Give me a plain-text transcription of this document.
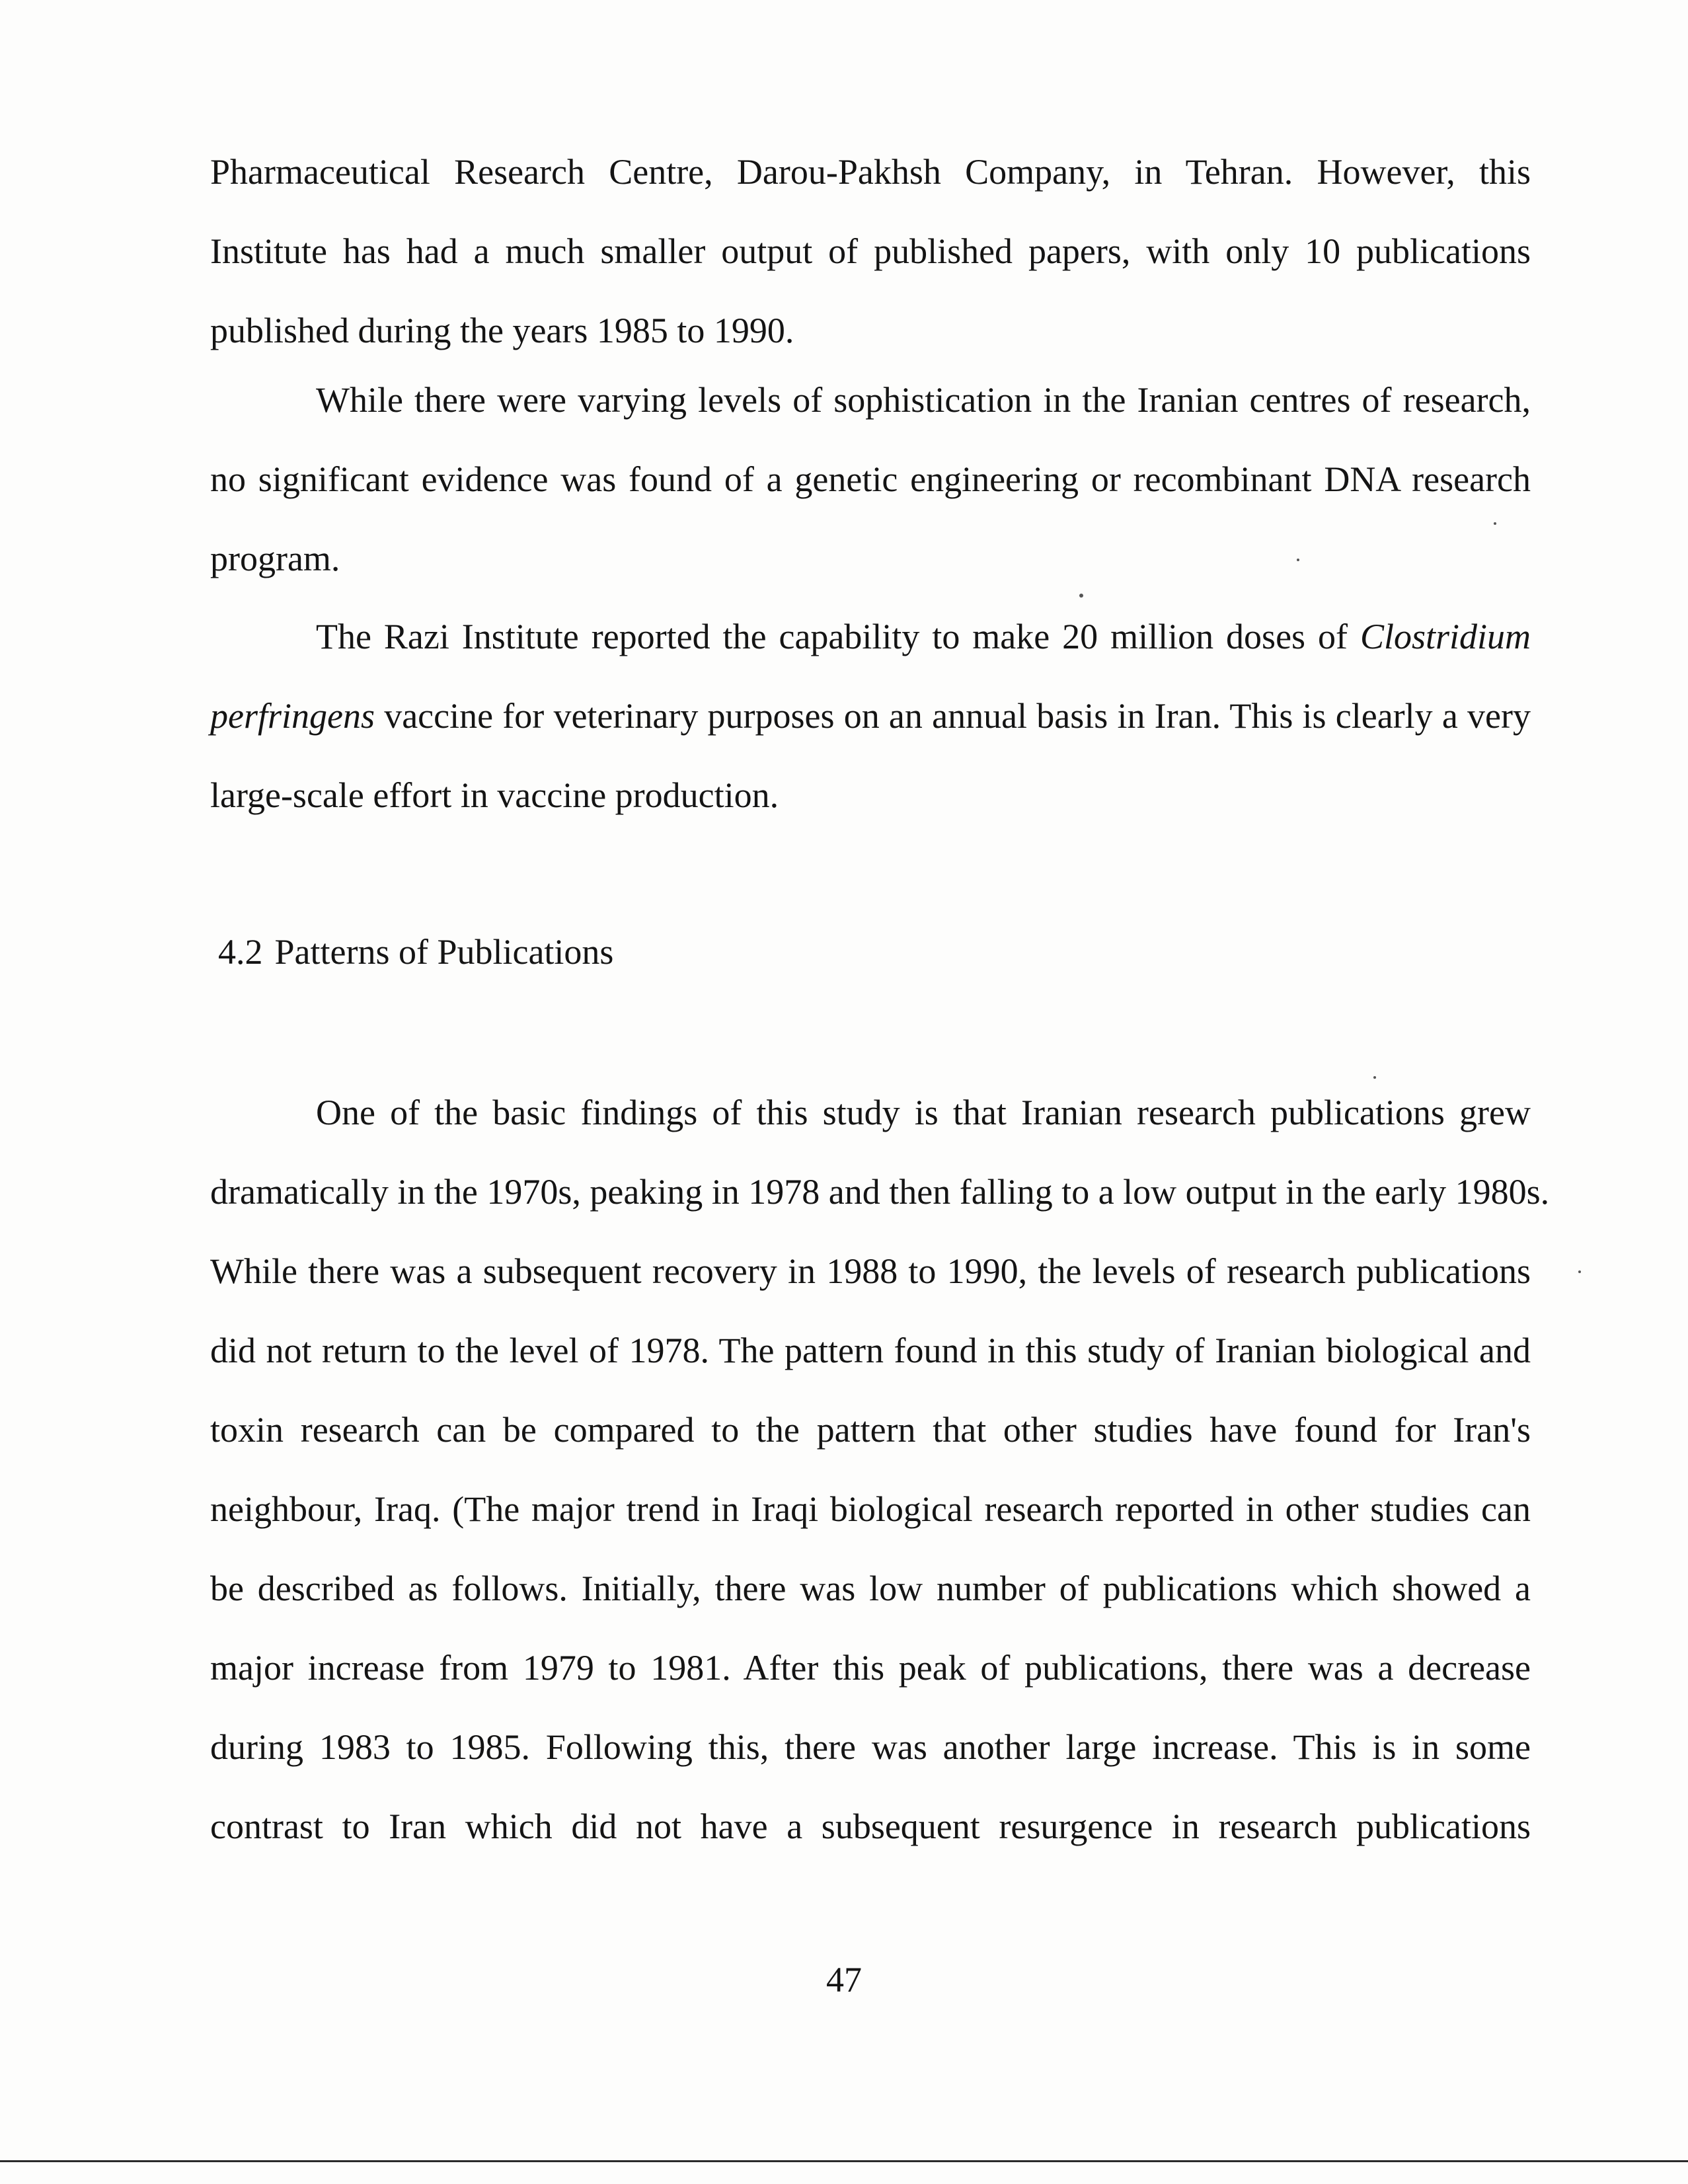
Pharmaceutical Research Centre, Darou-Pakhsh Company, in Tehran. However, this
Institute has had a much smaller output of published papers, with only 10 publications
published during the years 1985 to 1990.
While there were varying levels of sophistication in the Iranian centres of research,
no significant evidence was found of a genetic engineering or recombinant DNA research
program.
The Razi Institute reported the capability to make 20 million doses of Clostridium
perfringens vaccine for veterinary purposes on an annual basis in Iran. This is clearly a very
large-scale effort in vaccine production.
4.2 Patterns of Publications
One of the basic findings of this study is that Iranian research publications grew
dramatically in the 1970s, peaking in 1978 and then falling to a low output in the early 1980s.
While there was a subsequent recovery in 1988 to 1990, the levels of research publications
did not return to the level of 1978. The pattern found in this study of Iranian biological and
toxin research can be compared to the pattern that other studies have found for Iran's
neighbour, Iraq. (The major trend in Iraqi biological research reported in other studies can
be described as follows. Initially, there was low number of publications which showed a
major increase from 1979 to 1981. After this peak of publications, there was a decrease
during 1983 to 1985. Following this, there was another large increase. This is in some
contrast to Iran which did not have a subsequent resurgence in research publications
47
